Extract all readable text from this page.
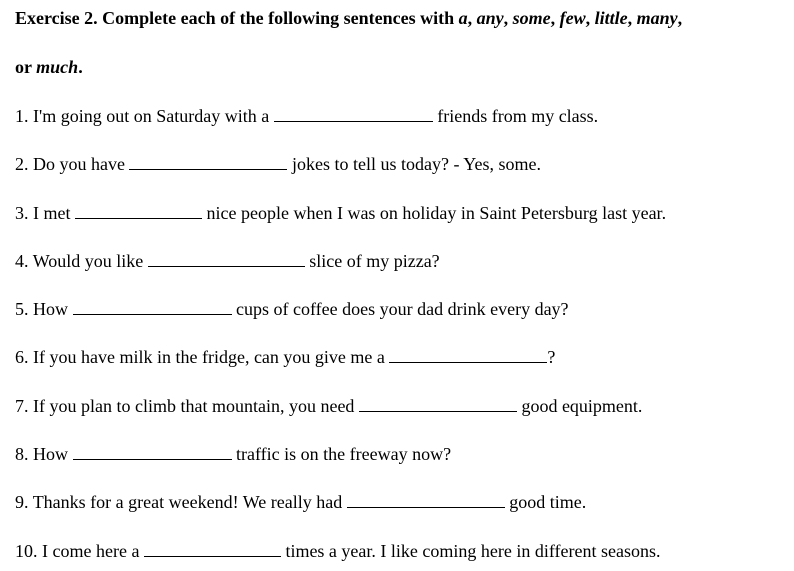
Exercise 2. Complete each of the following sentences with a, any, some, few, little, many,
or much.
1. I'm going out on Saturday with a	friends from my class.
2. Do you have	jokes to tell us today? - Yes, some.
3. I met	nice people when I was on holiday in Saint Petersburg last year.
4. Would you like	slice of my pizza?
5. How	cups of coffee does your dad drink every day?
6. If you have milk in the fridge, can you give me a	?
7. If you plan to climb that mountain, you need	good equipment.
8. How	traffic is on the freeway now?
9. Thanks for a great weekend! We really had	good time.
10. I come here a	times a year. I like coming here in different seasons.
